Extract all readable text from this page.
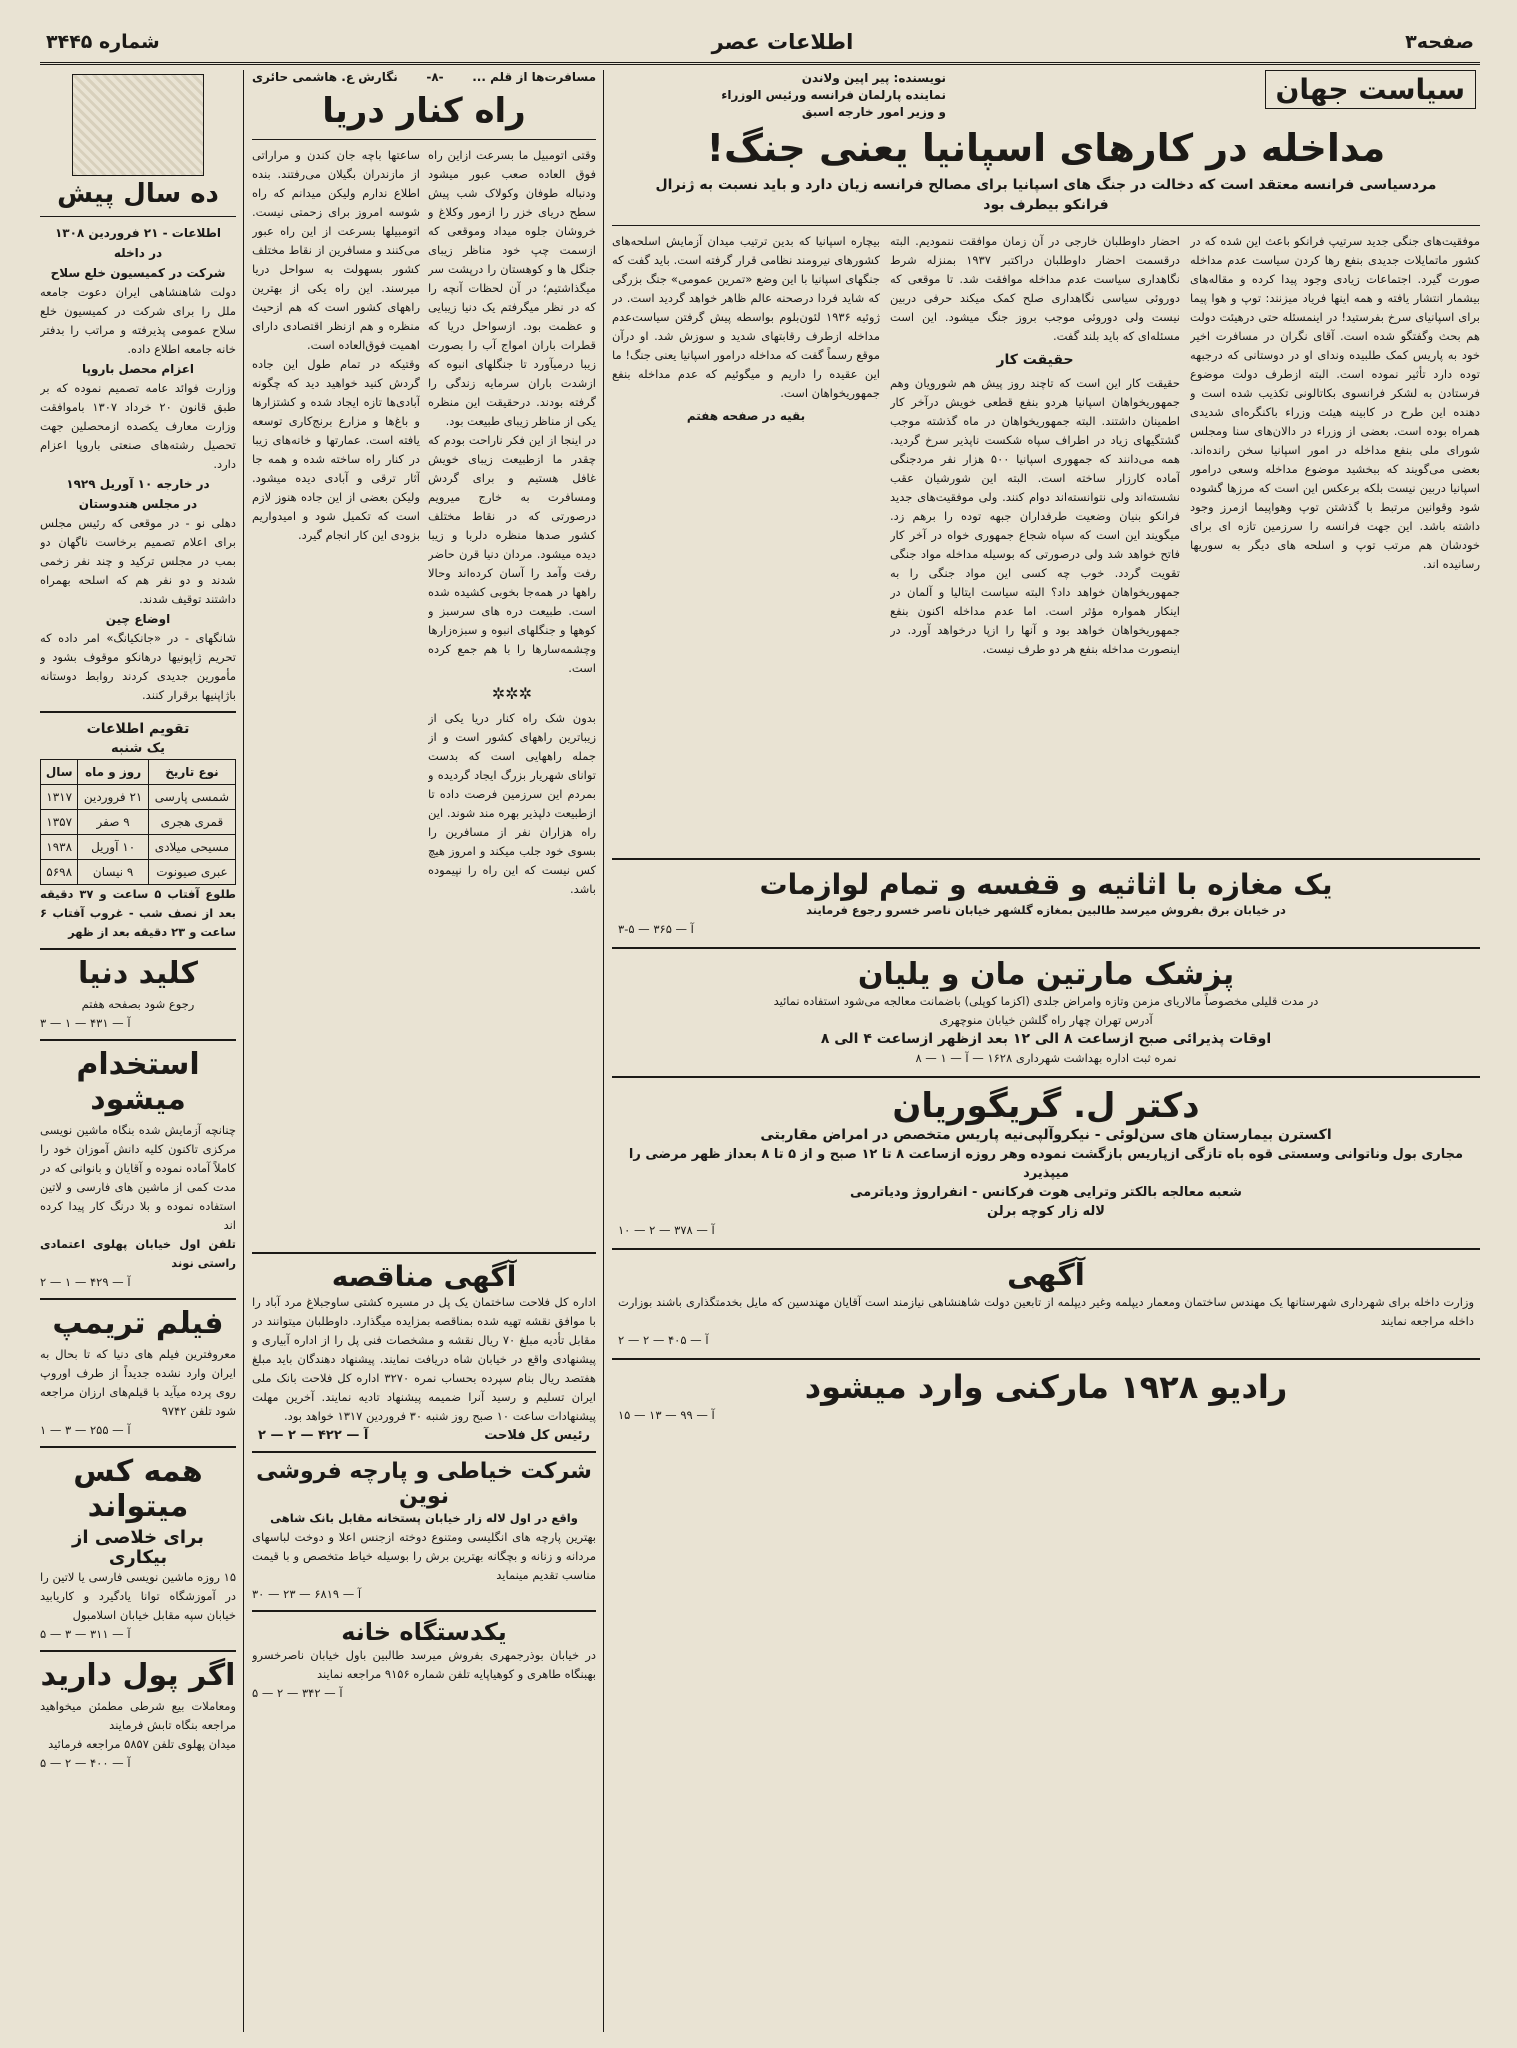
صفحه۳
اطلاعات عصر
شماره ۳۴۴۵
سیاست جهان
نویسنده: پیر اپین ولاندن
نماینده پارلمان فرانسه ورئیس الوزراء
و وزیر امور خارجه اسبق
مداخله در کارهای اسپانیا یعنی جنگ!
مردسیاسی فرانسه معتقد است که دخالت در جنگ های اسپانیا برای مصالح فرانسه زیان دارد و باید نسبت به ژنرال فرانکو بیطرف بود

موفقیت‌های جنگی جدید سرتیپ فرانکو باعث این شده که در کشور ماتمایلات جدیدی بنفع رها کردن سیاست عدم مداخله صورت گیرد. اجتماعات زیادی وجود پیدا کرده و مقاله‌های بیشمار انتشار یافته و همه اینها فریاد میزنند: توپ و هوا پیما برای اسپانیای سرخ بفرستید! در اینمسئله حتی درهیئت دولت هم بحث وگفتگو شده است. آقای نگران در مسافرت اخیر خود به پاریس کمک طلبیده وندای او در دوستانی که درجبهه توده دارد تأثیر نموده است. البته ازطرف دولت موضوع فرستادن به لشکر فرانسوی بکاتالونی تکذیب شده است و دهنده این طرح در کابینه هیئت وزراء باکنگره‌ای شدیدی همراه بوده است. بعضی از وزراء در دالان‌های سنا ومجلس شورای ملی بنفع مداخله در امور اسپانیا سخن رانده‌اند. بعضی می‌گویند که ببخشید موضوع مداخله وسعی درامور اسپانیا دربین نیست بلکه برعکس این است که مرزها گشوده شود وقوانین مرتبط با گذشتن توپ وهواپیما ازمرز وجود داشته باشد. این جهت فرانسه را سرزمین تازه ای برای خودشان هم مرتب توپ و اسلحه های دیگر به سوریها رسانیده اند.

احضار داوطلبان خارجی در آن زمان موافقت ننمودیم. البته درقسمت احضار داوطلبان دراکتبر ۱۹۳۷ بمنزله شرط نگاهداری سیاست عدم مداخله موافقت شد. تا موقعی که دوروئی سیاسی نگاهداری صلح کمک میکند حرفی دربین نیست ولی دوروئی موجب بروز جنگ میشود. این است مسئله‌ای که باید بلند گفت.

حقیقت کار

حقیقت کار این است که تاچند روز پیش هم شورویان وهم جمهوریخواهان اسپانیا هردو بنفع قطعی خویش درآخر کار اطمینان داشتند. البته جمهوریخواهان در ماه گذشته موجب گشتگیهای زیاد در اطراف سپاه شکست ناپذیر سرخ گردید. همه می‌دانند که جمهوری اسپانیا ۵۰۰ هزار نفر مردجنگی آماده کارزار ساخته است. البته این شورشیان عقب نشسته‌اند ولی نتوانسته‌اند دوام کنند. ولی موفقیت‌های جدید فرانکو بنیان وضعیت طرفداران جبهه توده را برهم زد. میگویند این است که سپاه شجاع جمهوری خواه در آخر کار فاتح خواهد شد ولی درصورتی که بوسیله مداخله مواد جنگی تقویت گردد. خوب چه کسی این مواد جنگی را به جمهوریخواهان خواهد داد؟ البته سیاست ایتالیا و آلمان در اینکار همواره مؤثر است. اما عدم مداخله اکنون بنفع جمهوریخواهان خواهد بود و آنها را ازپا درخواهد آورد. در اینصورت مداخله بنفع هر دو طرف نیست.

بیچاره اسپانیا که بدین ترتیب میدان آزمایش اسلحه‌های کشورهای نیرومند نظامی قرار گرفته است. باید گفت که جنگهای اسپانیا با این وضع «تمرین عمومی» جنگ بزرگی که شاید فردا درصحنه عالم ظاهر خواهد گردید است. در ژوئیه ۱۹۳۶ لئون‌بلوم بواسطه پیش گرفتن سیاست‌عدم مداخله ازطرف رقابتهای شدید و سوزش شد. او درآن موقع رسماً گفت که مداخله درامور اسپانیا یعنی جنگ! ما این عقیده را داریم و میگوئیم که عدم مداخله بنفع جمهوریخواهان است.

بقیه در صفحه هفتم
یک مغازه با اثاثیه و قفسه و تمام لوازمات
در خیابان برق بفروش میرسد طالبین بمغازه گلشهر خیابان ناصر خسرو رجوع فرمایند
آ — ۳۶۵ — ۵-۳
پزشک مارتین مان و یلیان
در مدت قلیلی مخصوصاً مالاریای مزمن وتازه وامراض جلدی (اکزما کوپلی) باضمانت معالجه می‌شود استفاده نمائید
آدرس تهران چهار راه گلشن خیابان منوچهری
اوقات پذیرائی صبح ازساعت ۸ الی ۱۲ بعد ازظهر ازساعت ۴ الی ۸
نمره ثبت اداره بهداشت شهرداری ۱۶۲۸ — آ — ۱ — ۸
دکتر ل. گریگوریان
اکسترن بیمارستان های سن‌لوئی - نیکروآلپی‌نیه پاریس متخصص در امراض مقاربتی
مجاری بول وناتوانی وسستی قوه باه تازگی ازپاریس بازگشت نموده وهر روزه ازساعت ۸ تا ۱۲ صبح و از ۵ تا ۸ بعداز ظهر مرضی را میپذیرد
شعبه معالجه بالکتر وترایی هوت فرکانس - انفراروژ ودیاترمی
لاله زار کوچه برلن
آ — ۳۷۸ — ۲ — ۱۰
آگهی
وزارت داخله برای شهرداری شهرستانها یک مهندس ساختمان ومعمار دیپلمه وغیر دیپلمه از تابعین دولت شاهنشاهی نیازمند است آقایان مهندسین که مایل بخدمتگذاری باشند بوزارت داخله مراجعه نمایند
آ — ۴۰۵ — ۲ — ۲
رادیو ۱۹۲۸ مارکنی وارد میشود
آ — ۹۹ — ۱۳ — ۱۵
مسافرت‌ها از قلم ...
-۸-
نگارش ع. هاشمی حائری
راه کنار دریا

وقتی اتومبیل ما بسرعت ازاین راه فوق العاده صعب عبور میشود ودنباله طوفان وکولاک شب پیش سطح دریای خزر را ازمور وکلاغ و خروشان جلوه میداد وموقعی که ازسمت چپ خود مناظر زیبای جنگل ها و کوهستان را درپشت سر میگذاشتیم؛ در آن لحظات آنچه را که در نظر میگرفتم یک دنیا زیبایی و عظمت بود. ازسواحل دریا که قطرات باران امواج آب را بصورت زیبا درمیآورد تا جنگلهای انبوه که ازشدت باران سرمایه زندگی را گرفته بودند. درحقیقت این منظره یکی از مناظر زیبای طبیعت بود.

در اینجا از این فکر ناراحت بودم که چقدر ما ازطبیعت زیبای خویش غافل هستیم و برای گردش ومسافرت به خارج میرویم درصورتی که در نقاط مختلف کشور صدها منظره دلربا و زیبا دیده میشود. مردان دنیا قرن حاضر رفت وآمد را آسان کرده‌اند وحالا راهها در همه‌جا بخوبی کشیده شده است. طبیعت دره های سرسبز و کوهها و جنگلهای انبوه و سبزه‌زارها وچشمه‌سارها را با هم جمع کرده است.

✲✲✲

بدون شک راه کنار دریا یکی از زیباترین راههای کشور است و از جمله راههایی است که بدست توانای شهریار بزرگ ایجاد گردیده و بمردم این سرزمین فرصت داده تا ازطبیعت دلپذیر بهره مند شوند. این راه هزاران نفر از مسافرین را بسوی خود جلب میکند و امروز هیچ کس نیست که این راه را نپیموده باشد.

ساعتها باچه جان کندن و مراراتی از مازندران بگیلان می‌رفتند. بنده اطلاع ندارم ولیکن میدانم که راه شوسه امروز برای زحمتی نیست. اتومبیلها بسرعت از این راه عبور می‌کنند و مسافرین از نقاط مختلف کشور بسهولت به سواحل دریا میرسند. این راه یکی از بهترین راههای کشور است که هم ازحیث منظره و هم ازنظر اقتصادی دارای اهمیت فوق‌العاده است.

وقتیکه در تمام طول این جاده گردش کنید خواهید دید که چگونه آبادی‌ها تازه ایجاد شده و کشتزارها و باغ‌ها و مزارع برنج‌کاری توسعه یافته است. عمارتها و خانه‌های زیبا در کنار راه ساخته شده و همه جا آثار ترقی و آبادی دیده میشود. ولیکن بعضی از این جاده هنوز لازم است که تکمیل شود و امیدواریم بزودی این کار انجام گیرد.

آگهی مناقصه

اداره کل فلاحت ساختمان یک پل در مسیره کشتی ساوجبلاغ مرد آباد را با موافق نقشه تهیه شده بمناقصه بمزایده میگذارد. داوطلبان میتوانند در مقابل تأدیه مبلغ ۷۰ ریال نقشه و مشخصات فنی پل را از اداره آبیاری و پیشنهادی واقع در خیابان شاه دریافت نمایند. پیشنهاد دهندگان باید مبلغ هفتصد ریال بنام سپرده بحساب نمره ۳۲۷۰ اداره کل فلاحت بانک ملی ایران تسلیم و رسید آنرا ضمیمه پیشنهاد تادیه نمایند. آخرین مهلت پیشنهادات ساعت ۱۰ صبح روز شنبه ۳۰ فروردین ۱۳۱۷ خواهد بود.

رئیس کل فلاحت
آ — ۴۲۲ — ۲ — ۲
شرکت خیاطی و پارچه فروشی نوین
واقع در اول لاله زار خیابان پستخانه مقابل بانک شاهی

بهترین پارچه های انگلیسی ومتنوع دوخته ازجنس اعلا و دوخت لباسهای مردانه و زنانه و بچگانه بهترین برش را بوسیله خیاط متخصص و با قیمت مناسب تقدیم مینماید

آ — ۶۸۱۹ — ۲۳ — ۳۰
یکدستگاه خانه

در خیابان بوذرجمهری بفروش میرسد طالبین باول خیابان ناصرخسرو بهبنگاه طاهری و کوهیاپایه تلفن شماره ۹۱۵۶ مراجعه نمایند

آ — ۳۴۲ — ۲ — ۵
ده سال پیش
اطلاعات - ۲۱ فروردین ۱۳۰۸
در داخله
شرکت در کمیسیون خلع سلاح

دولت شاهنشاهی ایران دعوت جامعه ملل را برای شرکت در کمیسیون خلع سلاح عمومی پذیرفته و مراتب را بدفتر خانه جامعه اطلاع داده.

اعزام محصل باروپا

وزارت فوائد عامه تصمیم نموده که بر طبق قانون ۲۰ خرداد ۱۳۰۷ باموافقت وزارت معارف یکصده ازمحصلین جهت تحصیل رشته‌های صنعتی باروپا اعزام دارد.

در خارجه ۱۰ آوریل ۱۹۲۹
در مجلس هندوستان

دهلی نو - در موقعی که رئیس مجلس برای اعلام تصمیم برخاست ناگهان دو بمب در مجلس ترکید و چند نفر زخمی شدند و دو نفر هم که اسلحه بهمراه داشتند توقیف شدند.

اوضاع چین

شانگهای - در «جانکیانگ» امر داده که تحریم ژاپونیها درهانکو موقوف بشود و مأمورین جدیدی کردند روابط دوستانه باژاپنیها برقرار کنند.

تقویم اطلاعات
یک شنبه
نوع تاریخ	روز و ماه	سال
شمسی پارسی	۲۱ فروردین	۱۳۱۷
قمری هجری	۹ صفر	۱۳۵۷
مسیحی میلادی	۱۰ آوریل	۱۹۳۸
عبری صیونوت	۹ نیسان	۵۶۹۸

طلوع آفتاب ۵ ساعت و ۳۷ دقیقه بعد از نصف شب - غروب آفتاب ۶ ساعت و ۲۳ دقیقه بعد از ظهر

کلید دنیا
رجوع شود بصفحه هفتم
آ — ۴۳۱ — ۱ — ۳
استخدام میشود

چنانچه آزمایش شده بنگاه ماشین نویسی مرکزی تاکنون کلیه دانش آموزان خود را کاملاً آماده نموده و آقایان و بانوانی که در مدت کمی از ماشین های فارسی و لاتین استفاده نموده و بلا درنگ کار پیدا کرده اند

تلفن اول خیابان پهلوی اعتمادی راستی نوند
آ — ۴۲۹ — ۱ — ۲
فیلم تریمپ

معروفترین فیلم های دنیا که تا بحال به ایران وارد نشده جدیداً از طرف اوروپ روی پرده میآید با قیلم‌های ارزان مراجعه شود تلفن ۹۷۴۲

آ — ۲۵۵ — ۳ — ۱
همه کس میتواند
برای خلاصی از بیکاری

۱۵ روزه ماشین نویسی فارسی یا لاتین را در آموزشگاه توانا یادگیرد و کاریابید خیابان سپه مقابل خیابان اسلامبول

آ — ۳۱۱ — ۳ — ۵
اگر پول دارید

ومعاملات بیع شرطی مطمئن میخواهید مراجعه بنگاه تابش فرمایند

میدان پهلوی تلفن ۵۸۵۷ مراجعه فرمائید
آ — ۴۰۰ — ۲ — ۵
